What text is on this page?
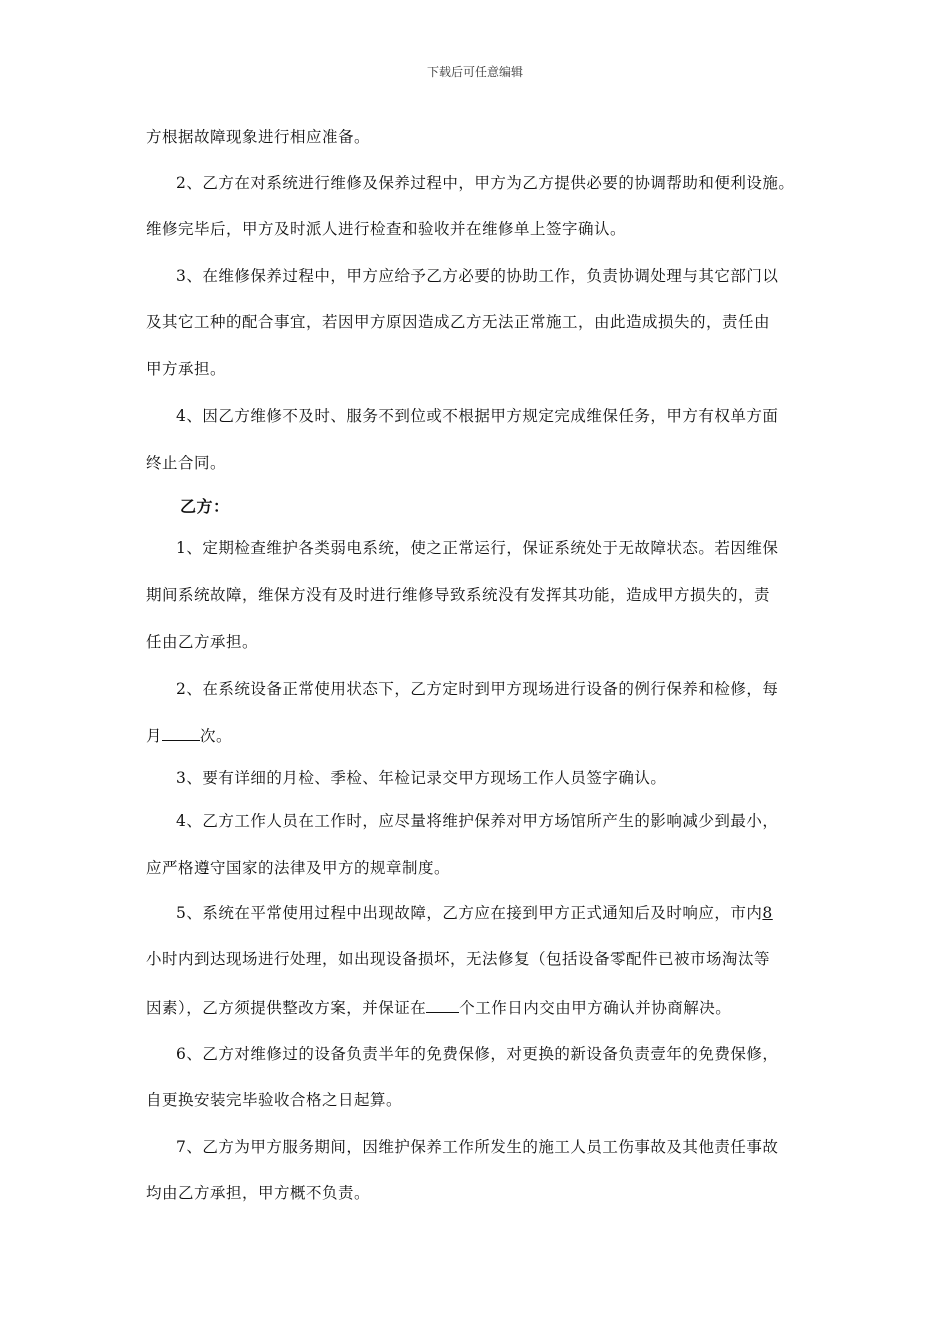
下载后可任意编辑
方根据故障现象进行相应准备。
2、乙方在对系统进行维修及保养过程中，甲方为乙方提供必要的协调帮助和便利设施。
维修完毕后，甲方及时派人进行检查和验收并在维修单上签字确认。
3、在维修保养过程中，甲方应给予乙方必要的协助工作，负责协调处理与其它部门以
及其它工种的配合事宜，若因甲方原因造成乙方无法正常施工，由此造成损失的，责任由
甲方承担。
4、因乙方维修不及时、服务不到位或不根据甲方规定完成维保任务，甲方有权单方面
终止合同。
乙方：
1、定期检查维护各类弱电系统，使之正常运行，保证系统处于无故障状态。若因维保
期间系统故障，维保方没有及时进行维修导致系统没有发挥其功能，造成甲方损失的，责
任由乙方承担。
2、在系统设备正常使用状态下，乙方定时到甲方现场进行设备的例行保养和检修，每
月 次。
3、要有详细的月检、季检、年检记录交甲方现场工作人员签字确认。
4、乙方工作人员在工作时，应尽量将维护保养对甲方场馆所产生的影响减少到最小，
应严格遵守国家的法律及甲方的规章制度。
5、系统在平常使用过程中出现故障，乙方应在接到甲方正式通知后及时响应，市内8
小时内到达现场进行处理，如出现设备损坏，无法修复（包括设备零配件已被市场淘汰等
因素），乙方须提供整改方案，并保证在 个工作日内交由甲方确认并协商解决。
6、乙方对维修过的设备负责半年的免费保修，对更换的新设备负责壹年的免费保修，
自更换安装完毕验收合格之日起算。
7、乙方为甲方服务期间，因维护保养工作所发生的施工人员工伤事故及其他责任事故
均由乙方承担，甲方概不负责。
